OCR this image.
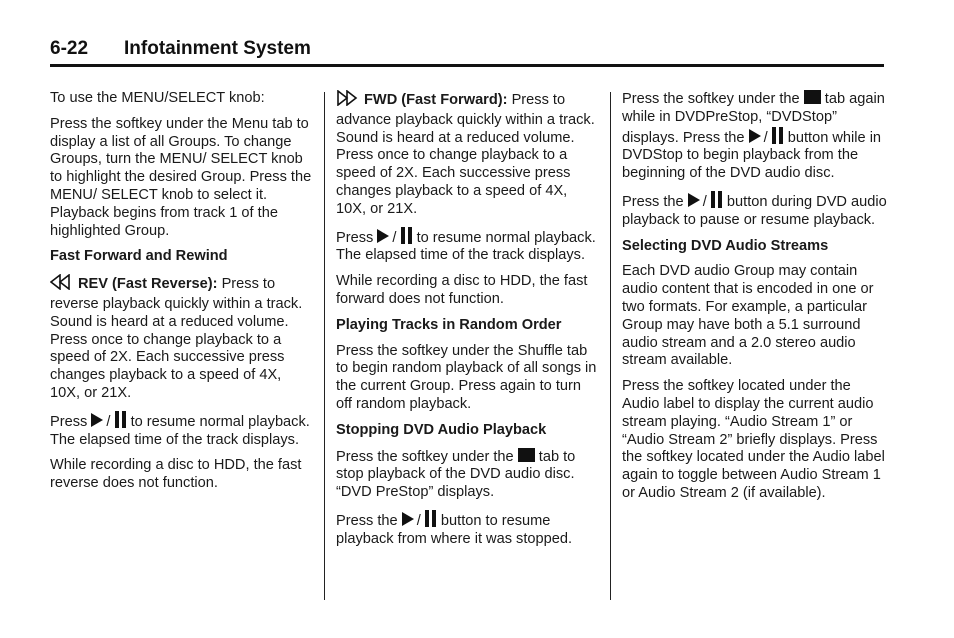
6-22 Infotainment System

To use the MENU/SELECT knob:

Press the softkey under the Menu tab to display a list of all Groups. To change Groups, turn the MENU/ SELECT knob to highlight the desired Group. Press the MENU/ SELECT knob to select it. Playback begins from track 1 of the highlighted Group.

Fast Forward and Rewind

REV (Fast Reverse): Press to reverse playback quickly within a track. Sound is heard at a reduced volume. Press once to change playback to a speed of 2X. Each successive press changes playback to a speed of 4X, 10X, or 21X.

Press / to resume normal playback. The elapsed time of the track displays.

While recording a disc to HDD, the fast reverse does not function.

FWD (Fast Forward): Press to advance playback quickly within a track. Sound is heard at a reduced volume. Press once to change playback to a speed of 2X. Each successive press changes playback to a speed of 4X, 10X, or 21X.

Press / to resume normal playback. The elapsed time of the track displays.

While recording a disc to HDD, the fast forward does not function.

Playing Tracks in Random Order

Press the softkey under the Shuffle tab to begin random playback of all songs in the current Group. Press again to turn off random playback.

Stopping DVD Audio Playback

Press the softkey under the tab to stop playback of the DVD audio disc. “DVD PreStop” displays.

Press the / button to resume playback from where it was stopped.

Press the softkey under the tab again while in DVDPreStop, “DVDStop” displays. Press the / button while in DVDStop to begin playback from the beginning of the DVD audio disc.

Press the / button during DVD audio playback to pause or resume playback.

Selecting DVD Audio Streams

Each DVD audio Group may contain audio content that is encoded in one or two formats. For example, a particular Group may have both a 5.1 surround audio stream and a 2.0 stereo audio stream available.

Press the softkey located under the Audio label to display the current audio stream playing. “Audio Stream 1” or “Audio Stream 2” briefly displays. Press the softkey located under the Audio label again to toggle between Audio Stream 1 or Audio Stream 2 (if available).
